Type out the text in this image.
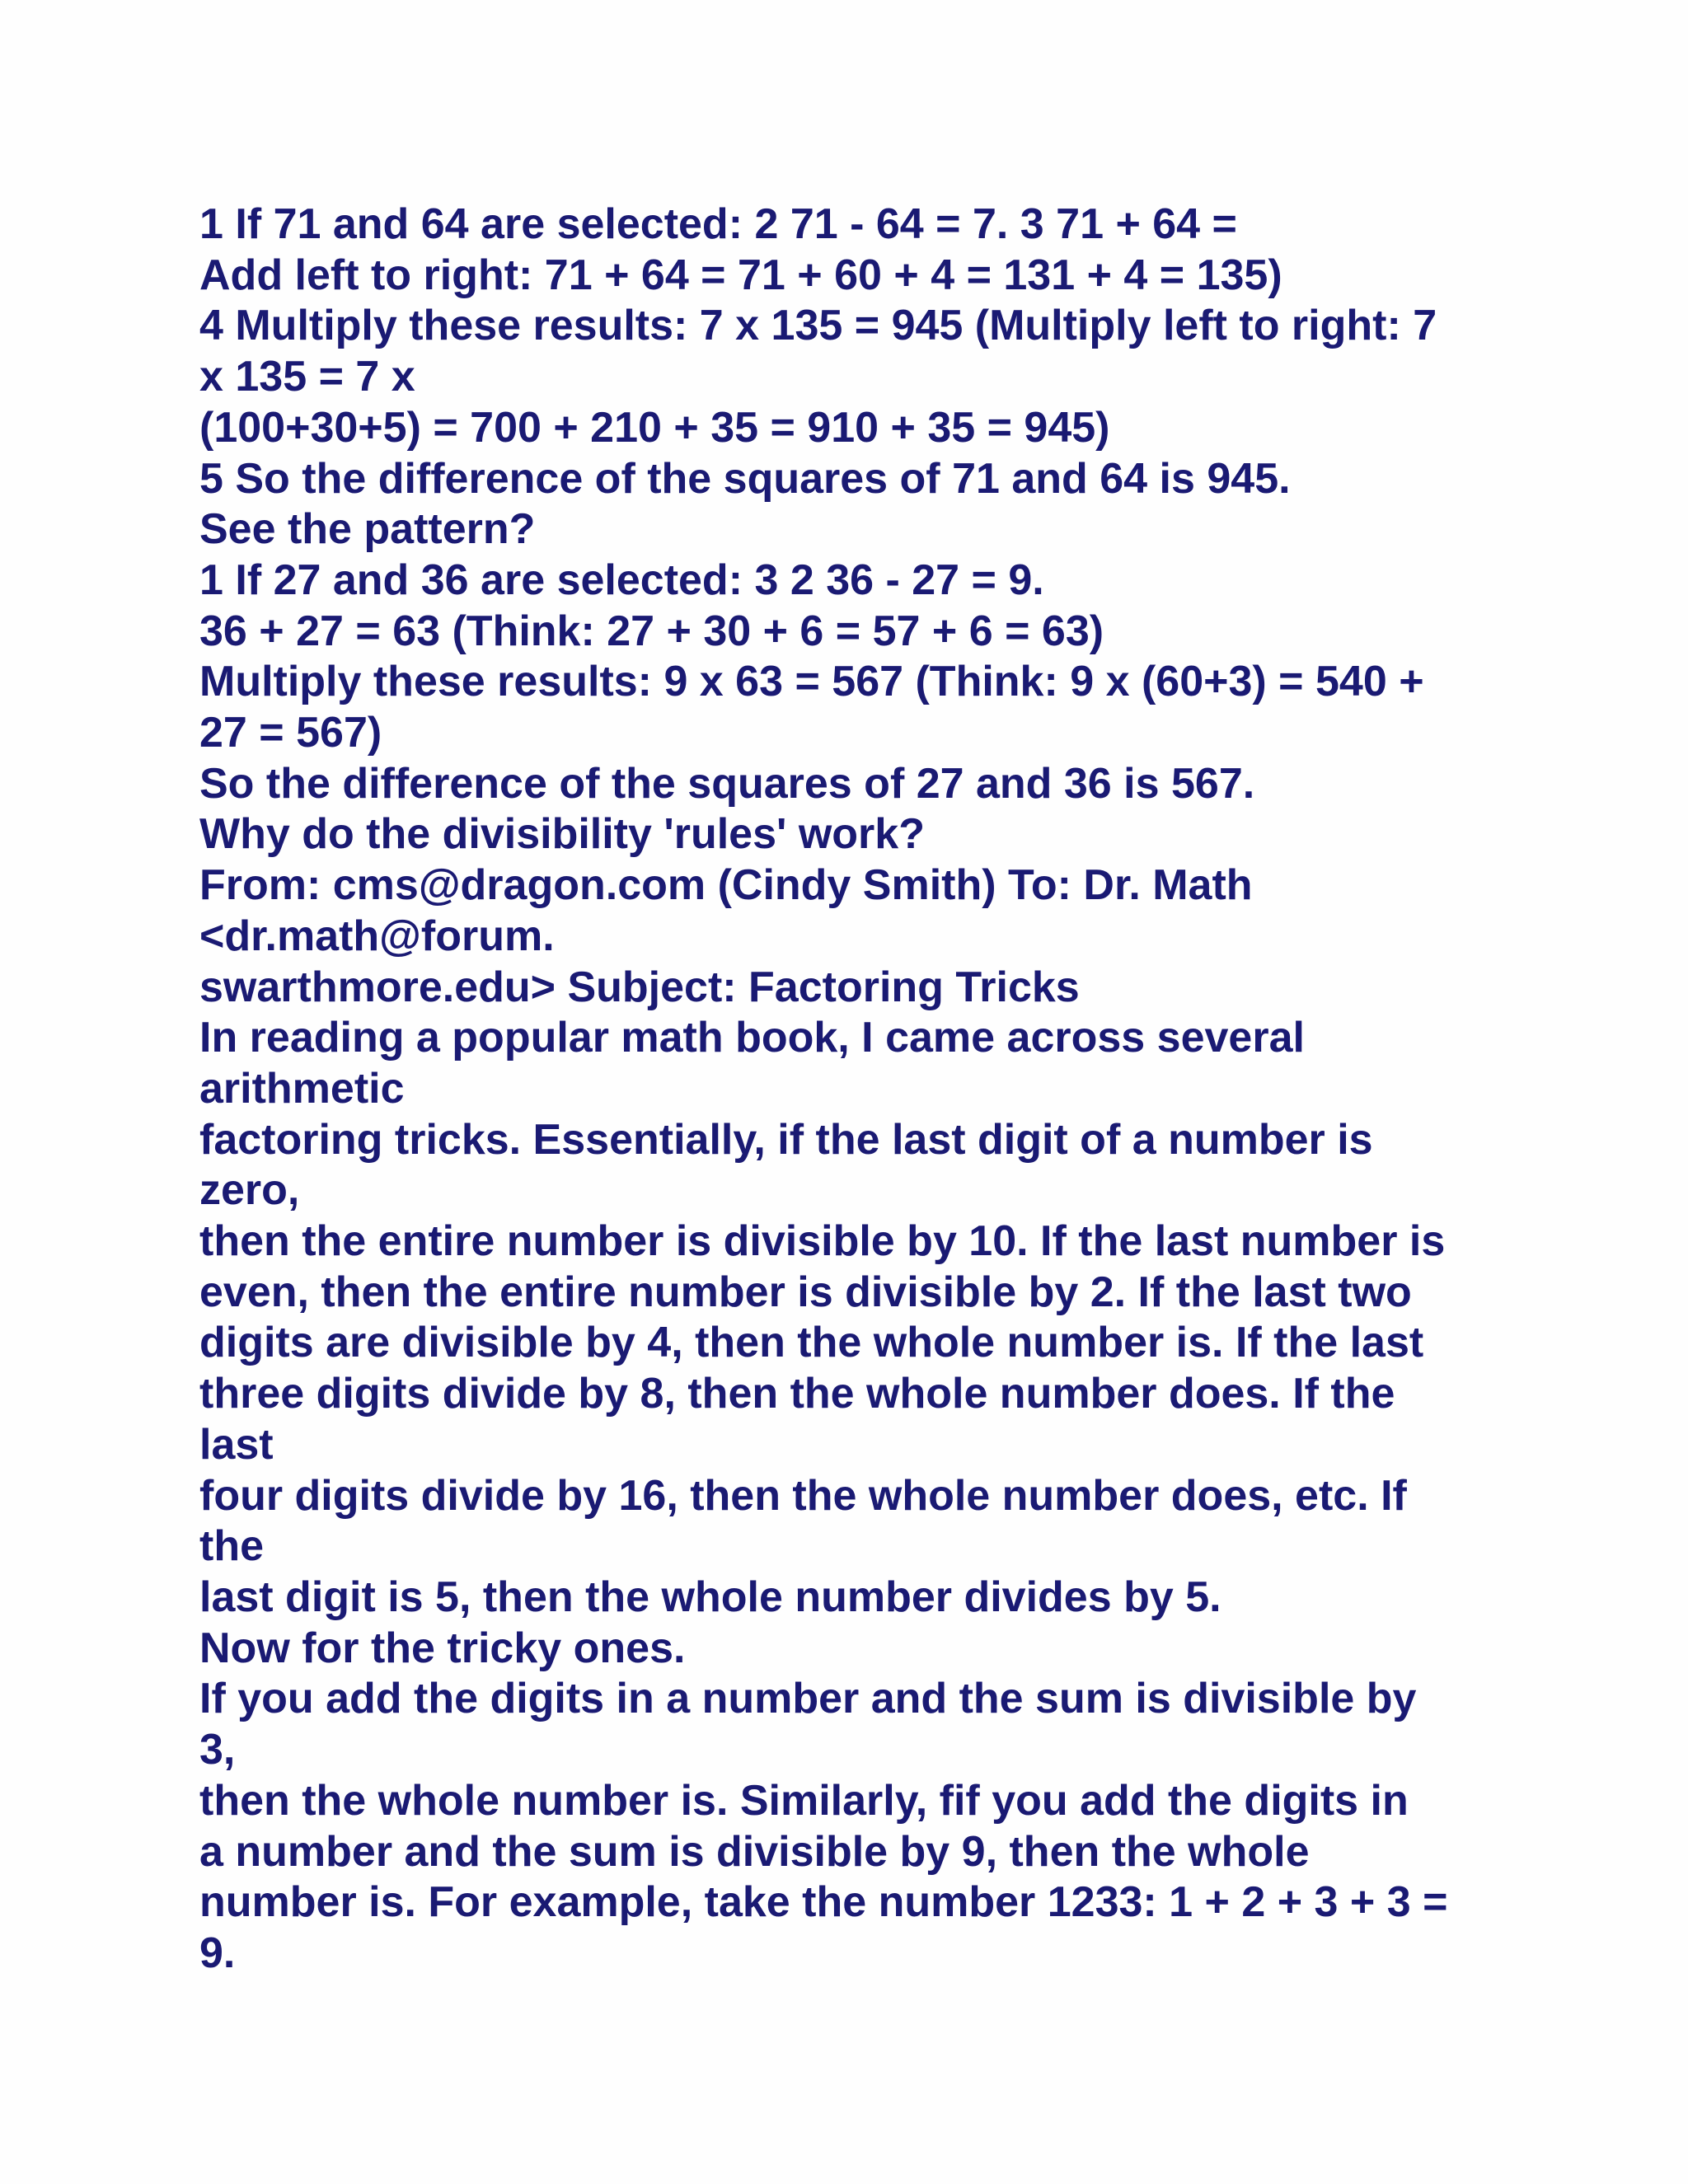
1 If 71 and 64 are selected: 2 71 - 64 = 7. 3 71 + 64 =

Add left to right: 71 + 64 = 71 + 60 + 4 = 131 + 4 = 135)

4 Multiply these results: 7 x 135 = 945 (Multiply left to right: 7

x 135 = 7 x

(100+30+5) = 700 + 210 + 35 = 910 + 35 = 945)

5 So the difference of the squares of 71 and 64 is 945.

See the pattern?

1 If 27 and 36 are selected: 3 2 36 - 27 = 9.

36 + 27 = 63 (Think: 27 + 30 + 6 = 57 + 6 = 63)

Multiply these results: 9 x 63 = 567 (Think: 9 x (60+3) = 540 +

27 = 567)

So the difference of the squares of 27 and 36 is 567.

Why do the divisibility 'rules' work?

From: cms@dragon.com (Cindy Smith) To: Dr. Math

<dr.math@forum.

swarthmore.edu> Subject: Factoring Tricks

In reading a popular math book, I came across several

arithmetic

factoring tricks. Essentially, if the last digit of a number is

zero,

then the entire number is divisible by 10. If the last number is

even, then the entire number is divisible by 2. If the last two

digits are divisible by 4, then the whole number is. If the last

three digits divide by 8, then the whole number does. If the

last

four digits divide by 16, then the whole number does, etc. If

the

last digit is 5, then the whole number divides by 5.

Now for the tricky ones.

If you add the digits in a number and the sum is divisible by

3,

then the whole number is. Similarly, fif you add the digits in

a number and the sum is divisible by 9, then the whole

number is. For example, take the number 1233: 1 + 2 + 3 + 3 =

9.
